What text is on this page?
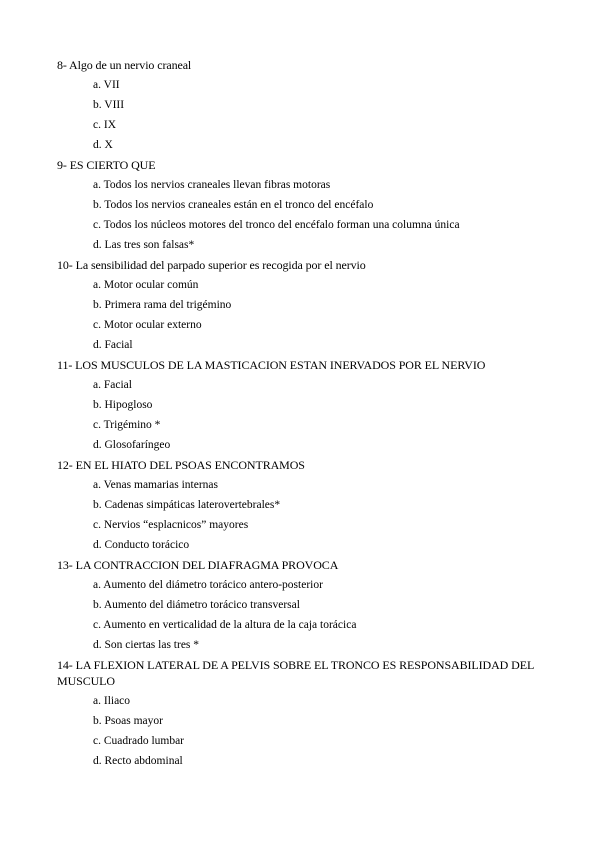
8- Algo de un nervio craneal
a. VII
b. VIII
c. IX
d. X
9- ES CIERTO QUE
a. Todos los nervios craneales llevan fibras motoras
b. Todos los nervios craneales están en el tronco del encéfalo
c. Todos los núcleos motores del tronco del encéfalo forman una columna única
d. Las tres son falsas*
10- La sensibilidad del parpado superior es recogida por el nervio
a. Motor ocular común
b. Primera rama del trigémino
c. Motor ocular externo
d. Facial
11- LOS MUSCULOS DE LA MASTICACION ESTAN INERVADOS POR EL NERVIO
a. Facial
b. Hipogloso
c. Trigémino *
d. Glosofaríngeo
12- EN EL HIATO DEL PSOAS ENCONTRAMOS
a. Venas mamarias internas
b. Cadenas simpáticas laterovertebrales*
c. Nervios “esplacnicos” mayores
d. Conducto torácico
13- LA CONTRACCION DEL DIAFRAGMA PROVOCA
a. Aumento del diámetro torácico antero-posterior
b. Aumento del diámetro torácico transversal
c. Aumento en verticalidad de la altura de la caja torácica
d. Son ciertas las tres *
14- LA FLEXION LATERAL DE A PELVIS SOBRE EL TRONCO ES RESPONSABILIDAD DEL MUSCULO
a. Iliaco
b. Psoas mayor
c. Cuadrado lumbar
d. Recto abdominal
